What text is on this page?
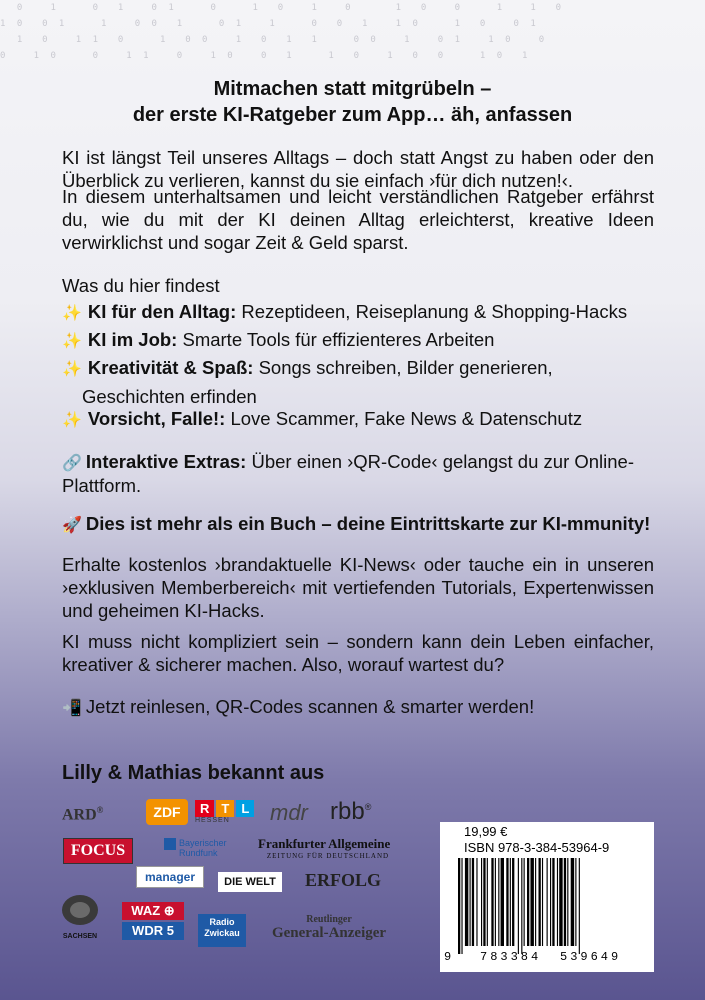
0   1    0  1   0 1    0    1  0   1   0     1  0   0    1   1  0
1 0  0 1    1   0 0  1    0 1   1    0  0  1   1 0    1  0   0 1
1  0   1 1  0    1  0 0   1  0  1  1    0 0   1   0 1   1 0   0
0   1 0    0   1 1   0   1 0   0  1    1  0   1  0  0    1 0  1

Mitmachen statt mitgrübeln –
der erste KI-Ratgeber zum App… äh, anfassen
KI ist längst Teil unseres Alltags – doch statt Angst zu haben oder den Überblick zu verlieren, kannst du sie einfach ›für dich nutzen!‹.
In diesem unterhaltsamen und leicht verständlichen Ratgeber erfährst du, wie du mit der KI deinen Alltag erleichterst, kreative Ideen verwirklichst und sogar Zeit & Geld sparst.
Was du hier findest
✨ KI für den Alltag: Rezeptideen, Reiseplanung & Shopping-Hacks
✨ KI im Job: Smarte Tools für effizienteres Arbeiten
✨ Kreativität & Spaß: Songs schreiben, Bilder generieren,
Geschichten erfinden
✨ Vorsicht, Falle!: Love Scammer, Fake News & Datenschutz
🔗 Interaktive Extras: Über einen ›QR-Code‹ gelangst du zur Online-Plattform.
🚀 Dies ist mehr als ein Buch – deine Eintrittskarte zur KI-mmunity!
Erhalte kostenlos ›brandaktuelle KI-News‹ oder tauche ein in unseren ›exklusiven Memberbereich‹ mit vertiefenden Tutorials, Expertenwissen und geheimen KI-Hacks.
KI muss nicht kompliziert sein – sondern kann dein Leben einfacher, kreativer & sicherer machen. Also, worauf wartest du?
📲 Jetzt reinlesen, QR-Codes scannen & smarter werden!
Lilly & Mathias bekannt aus
ARD®	ZDF	R T L
HESSEN	mdr rbb®
FOCUS	Bayerischer Rundfunk
Frankfurter Allgemeine
ZEITUNG FÜR DEUTSCHLAND
manager	DIE WELT	ERFOLG
SACHSEN
WAZ ⊕
WDR 5
Radio Zwickau
Reutlinger
General-Anzeiger
19,99 €
ISBN 978-3-384-53964-9
9 783384 539649
